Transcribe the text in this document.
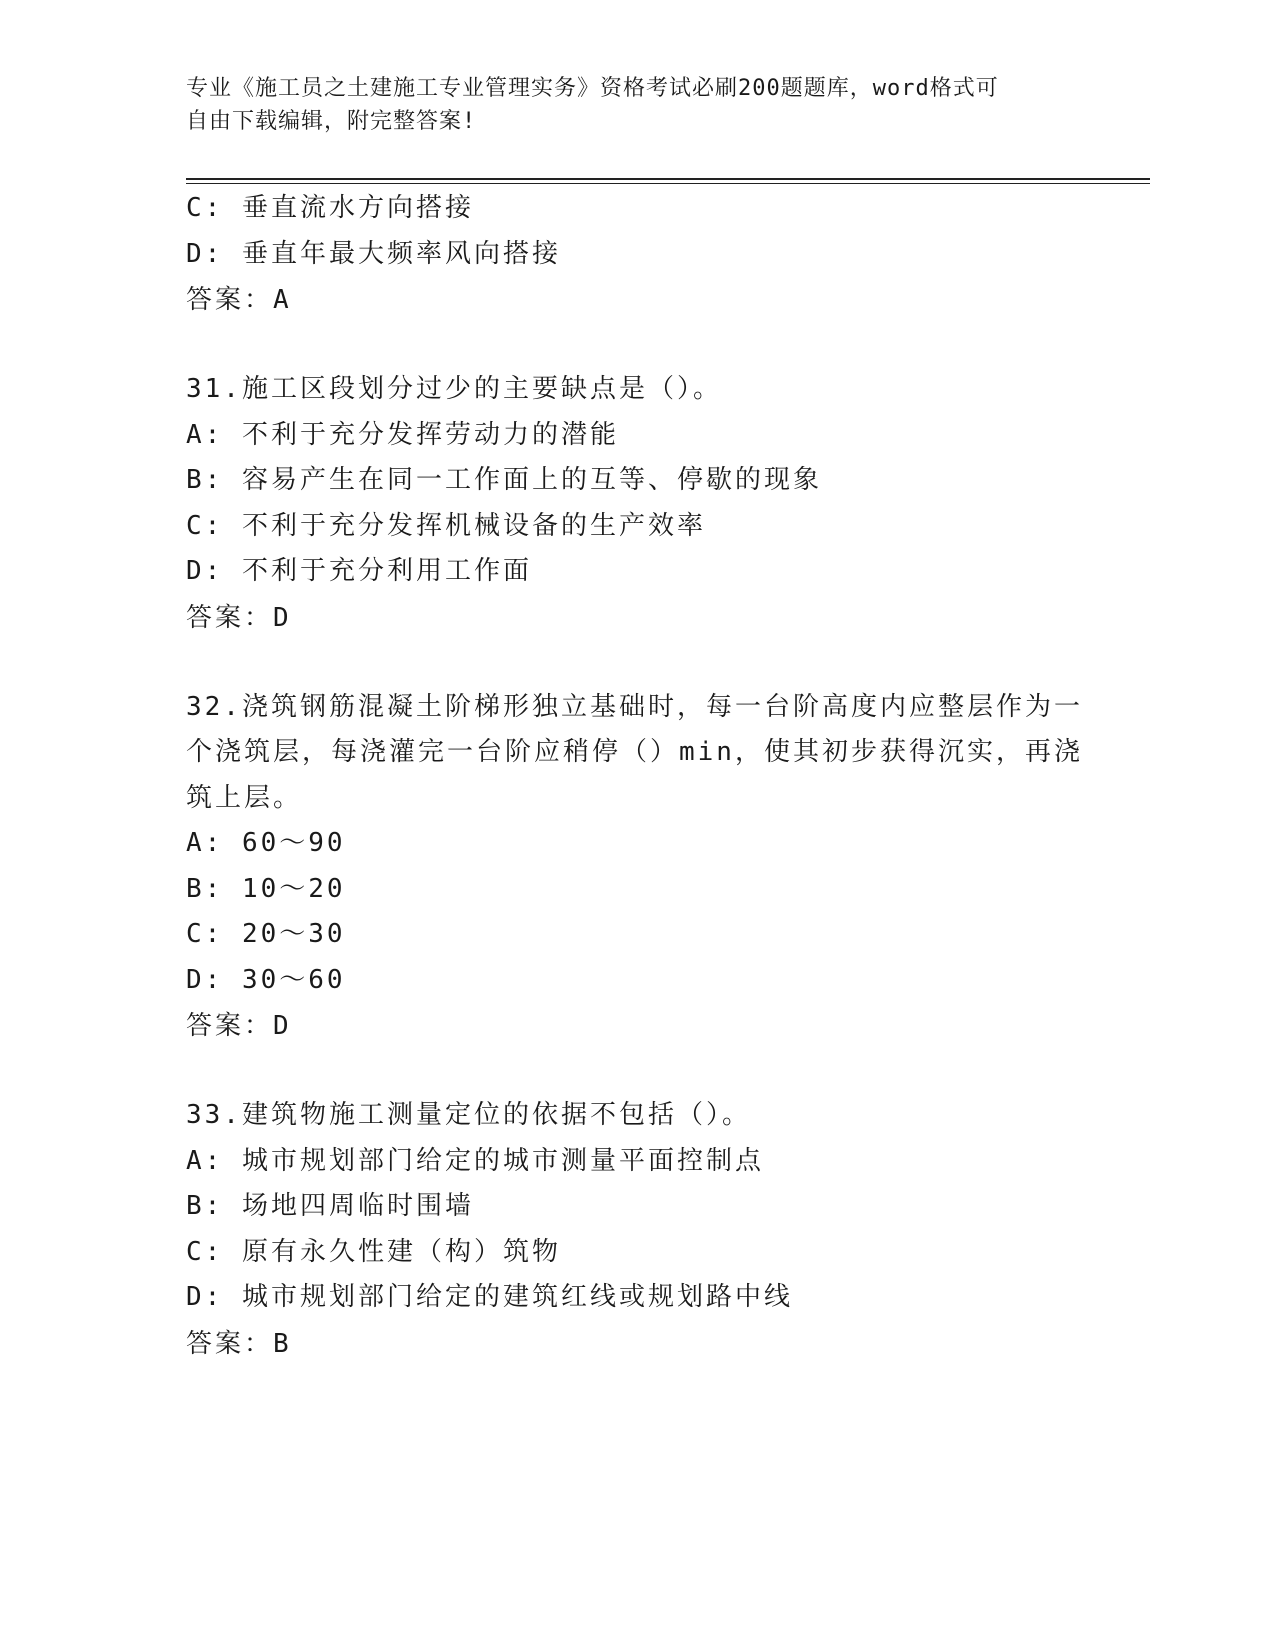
专业《施工员之土建施工专业管理实务》资格考试必刷200题题库，word格式可
自由下载编辑，附完整答案!
C: 垂直流水方向搭接
D: 垂直年最大频率风向搭接
答案：A
31.施工区段划分过少的主要缺点是（）。
A: 不利于充分发挥劳动力的潜能
B: 容易产生在同一工作面上的互等、停歇的现象
C: 不利于充分发挥机械设备的生产效率
D: 不利于充分利用工作面
答案：D
32.浇筑钢筋混凝土阶梯形独立基础时，每一台阶高度内应整层作为一
个浇筑层，每浇灌完一台阶应稍停（）min，使其初步获得沉实，再浇
筑上层。
A: 60～90
B: 10～20
C: 20～30
D: 30～60
答案：D
33.建筑物施工测量定位的依据不包括（）。
A: 城市规划部门给定的城市测量平面控制点
B: 场地四周临时围墙
C: 原有永久性建（构）筑物
D: 城市规划部门给定的建筑红线或规划路中线
答案：B
